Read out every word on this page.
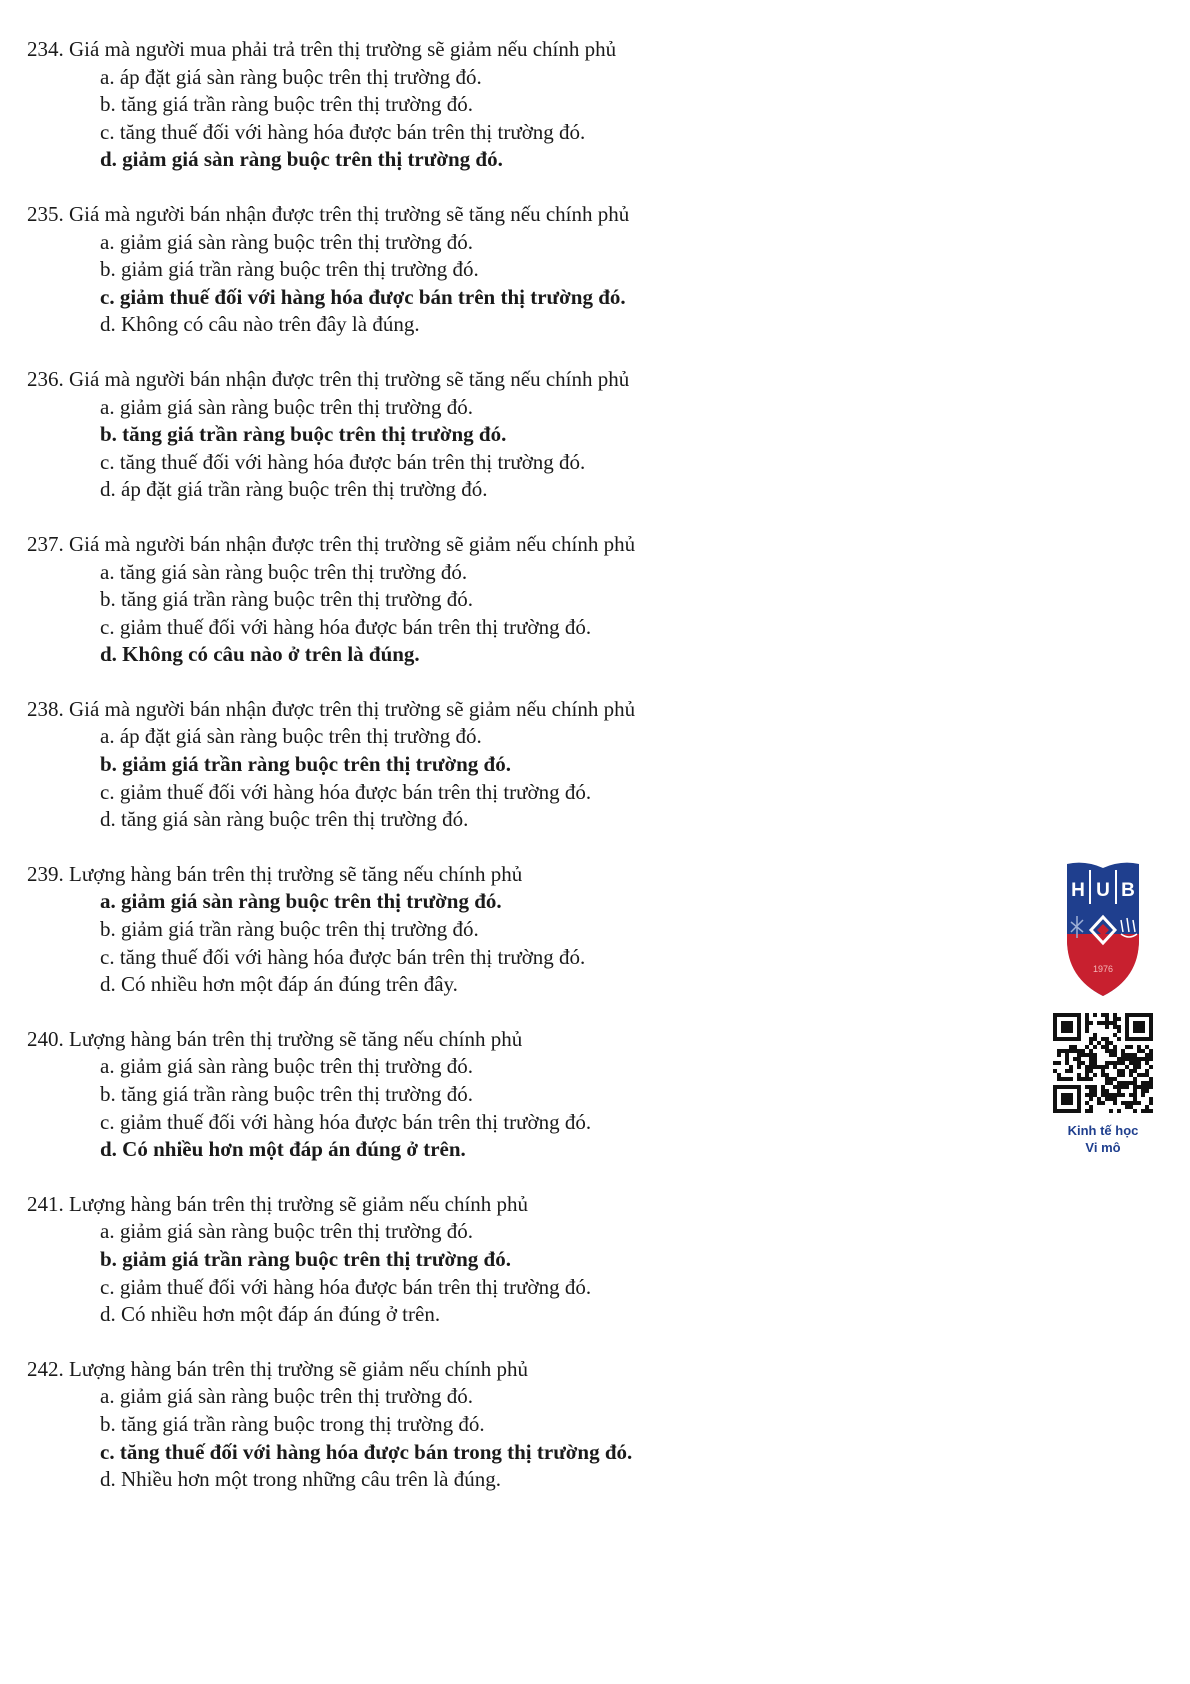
234. Giá mà người mua phải trả trên thị trường sẽ giảm nếu chính phủ
a. áp đặt giá sàn ràng buộc trên thị trường đó.
b. tăng giá trần ràng buộc trên thị trường đó.
c. tăng thuế đối với hàng hóa được bán trên thị trường đó.
d. giảm giá sàn ràng buộc trên thị trường đó.
235. Giá mà người bán nhận được trên thị trường sẽ tăng nếu chính phủ
a. giảm giá sàn ràng buộc trên thị trường đó.
b. giảm giá trần ràng buộc trên thị trường đó.
c. giảm thuế đối với hàng hóa được bán trên thị trường đó.
d. Không có câu nào trên đây là đúng.
236. Giá mà người bán nhận được trên thị trường sẽ tăng nếu chính phủ
a. giảm giá sàn ràng buộc trên thị trường đó.
b. tăng giá trần ràng buộc trên thị trường đó.
c. tăng thuế đối với hàng hóa được bán trên thị trường đó.
d. áp đặt giá trần ràng buộc trên thị trường đó.
237. Giá mà người bán nhận được trên thị trường sẽ giảm nếu chính phủ
a. tăng giá sàn ràng buộc trên thị trường đó.
b. tăng giá trần ràng buộc trên thị trường đó.
c. giảm thuế đối với hàng hóa được bán trên thị trường đó.
d. Không có câu nào ở trên là đúng.
238. Giá mà người bán nhận được trên thị trường sẽ giảm nếu chính phủ
a. áp đặt giá sàn ràng buộc trên thị trường đó.
b. giảm giá trần ràng buộc trên thị trường đó.
c. giảm thuế đối với hàng hóa được bán trên thị trường đó.
d. tăng giá sàn ràng buộc trên thị trường đó.
239. Lượng hàng bán trên thị trường sẽ tăng nếu chính phủ
a. giảm giá sàn ràng buộc trên thị trường đó.
b. giảm giá trần ràng buộc trên thị trường đó.
c. tăng thuế đối với hàng hóa được bán trên thị trường đó.
d. Có nhiều hơn một đáp án đúng trên đây.
240. Lượng hàng bán trên thị trường sẽ tăng nếu chính phủ
a. giảm giá sàn ràng buộc trên thị trường đó.
b. tăng giá trần ràng buộc trên thị trường đó.
c. giảm thuế đối với hàng hóa được bán trên thị trường đó.
d. Có nhiều hơn một đáp án đúng ở trên.
241. Lượng hàng bán trên thị trường sẽ giảm nếu chính phủ
a. giảm giá sàn ràng buộc trên thị trường đó.
b. giảm giá trần ràng buộc trên thị trường đó.
c. giảm thuế đối với hàng hóa được bán trên thị trường đó.
d. Có nhiều hơn một đáp án đúng ở trên.
242. Lượng hàng bán trên thị trường sẽ giảm nếu chính phủ
a. giảm giá sàn ràng buộc trên thị trường đó.
b. tăng giá trần ràng buộc trong thị trường đó.
c. tăng thuế đối với hàng hóa được bán trong thị trường đó.
d. Nhiều hơn một trong những câu trên là đúng.
H U B
1976
Kinh tế học
Vi mô
